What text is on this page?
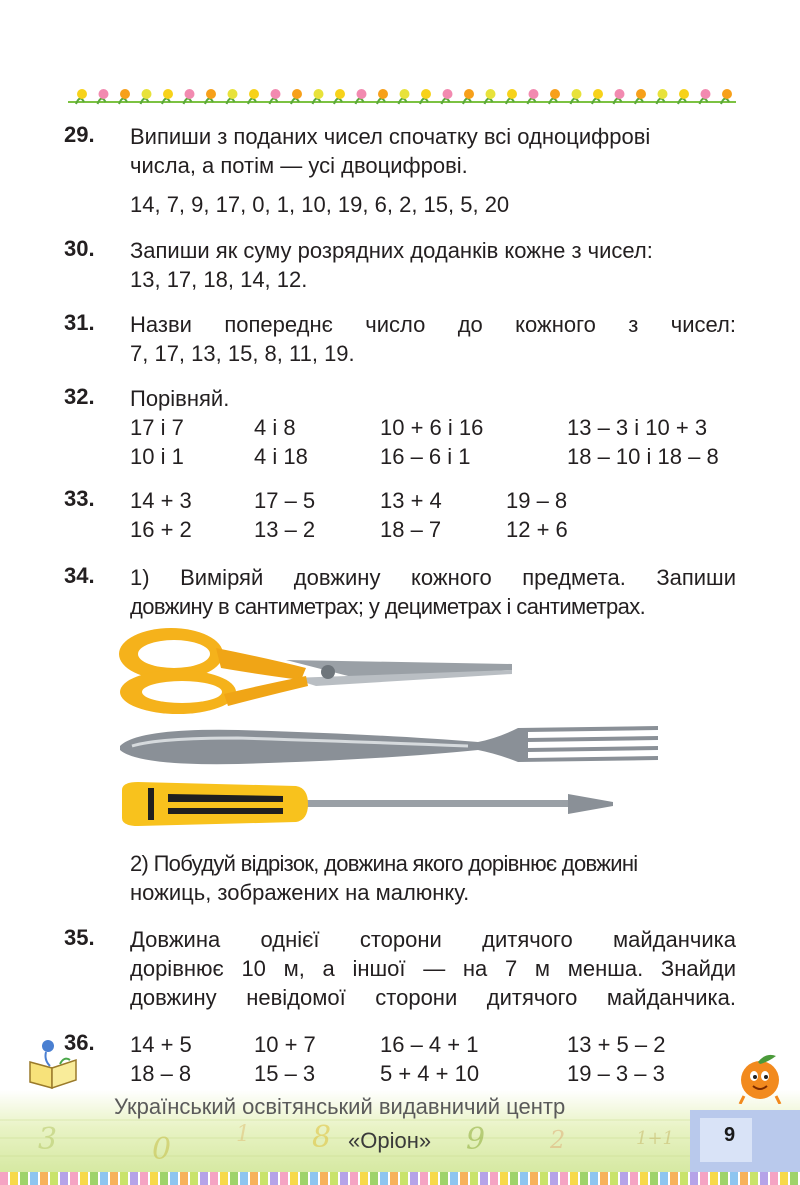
29. Випиши з поданих чисел спочатку всі одноцифрові
числа, а потім — усі двоцифрові.
14, 7, 9, 17, 0, 1, 10, 19, 6, 2, 15, 5, 20
30. Запиши як суму розрядних доданків кожне з чисел:
13, 17, 18, 14, 12.
31. Назви попереднє число до кожного з чисел:
7, 17, 13, 15, 8, 11, 19.
32. Порівняй.
17 і 7	4 і 8	10 + 6 і 16	13 – 3 і 10 + 3
10 і 1	4 і 18	16 – 6 і 1	18 – 10 і 18 – 8
33. 14 + 3	17 – 5	13 + 4	19 – 8
16 + 2	13 – 2	18 – 7	12 + 6
34. 1) Виміряй довжину кожного предмета. Запиши
довжину в сантиметрах; у дециметрах і сантиметрах.
2) Побудуй відрізок, довжина якого дорівнює довжині
ножиць, зображених на малюнку.
35. Довжина однієї сторони дитячого майданчика
дорівнює 10 м, а іншої — на 7 м менша. Знайди
довжину невідомої сторони дитячого майданчика.
36. 14 + 5	10 + 7	16 – 4 + 1	13 + 5 – 2
18 – 8	15 – 3	5 + 4 + 10	19 – 3 – 3
3	0	1 8	9	2	1+1
Український освітянський видавничий центр
«Оріон»	9
